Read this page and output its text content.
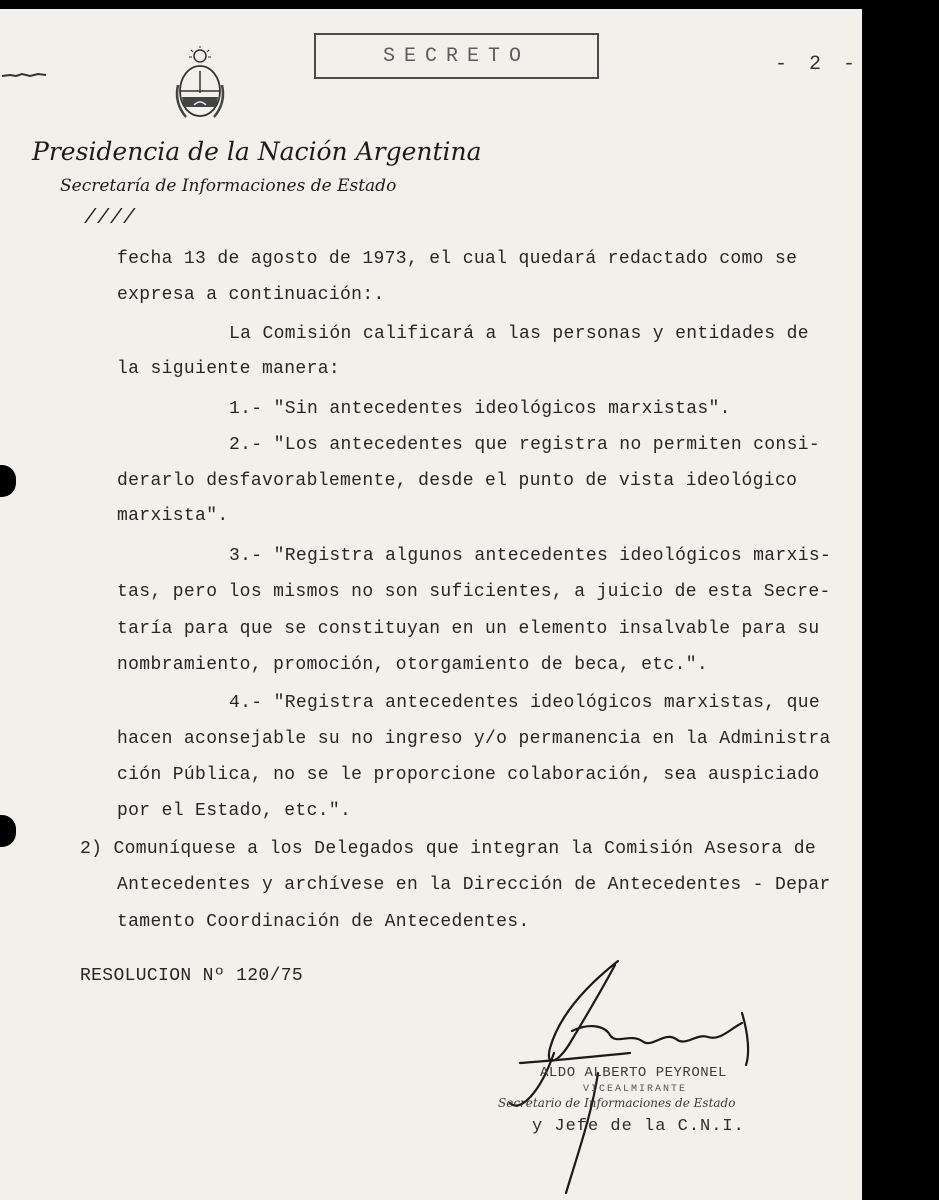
SECRETO	- 2 -
Presidencia de la Nación Argentina
Secretaría de Informaciones de Estado
////
fecha 13 de agosto de 1973, el cual quedará redactado como se
expresa a continuación:.
La Comisión calificará a las personas y entidades de
la siguiente manera:
1.- "Sin antecedentes ideológicos marxistas".
2.- "Los antecedentes que registra no permiten consi-
derarlo desfavorablemente, desde el punto de vista ideológico
marxista".
3.- "Registra algunos antecedentes ideológicos marxis-
tas, pero los mismos no son suficientes, a juicio de esta Secre-
taría para que se constituyan en un elemento insalvable para su
nombramiento, promoción, otorgamiento de beca, etc.".
4.- "Registra antecedentes ideológicos marxistas, que
hacen aconsejable su no ingreso y/o permanencia en la Administra
ción Pública, no se le proporcione colaboración, sea auspiciado
por el Estado, etc.".
2) Comuníquese a los Delegados que integran la Comisión Asesora de
Antecedentes y archívese en la Dirección de Antecedentes - Depar
tamento Coordinación de Antecedentes.
RESOLUCION Nº 120/75
ALDO ALBERTO PEYRONEL
VICEALMIRANTE
Secretario de Informaciones de Estado
y Jefe de la C.N.I.
